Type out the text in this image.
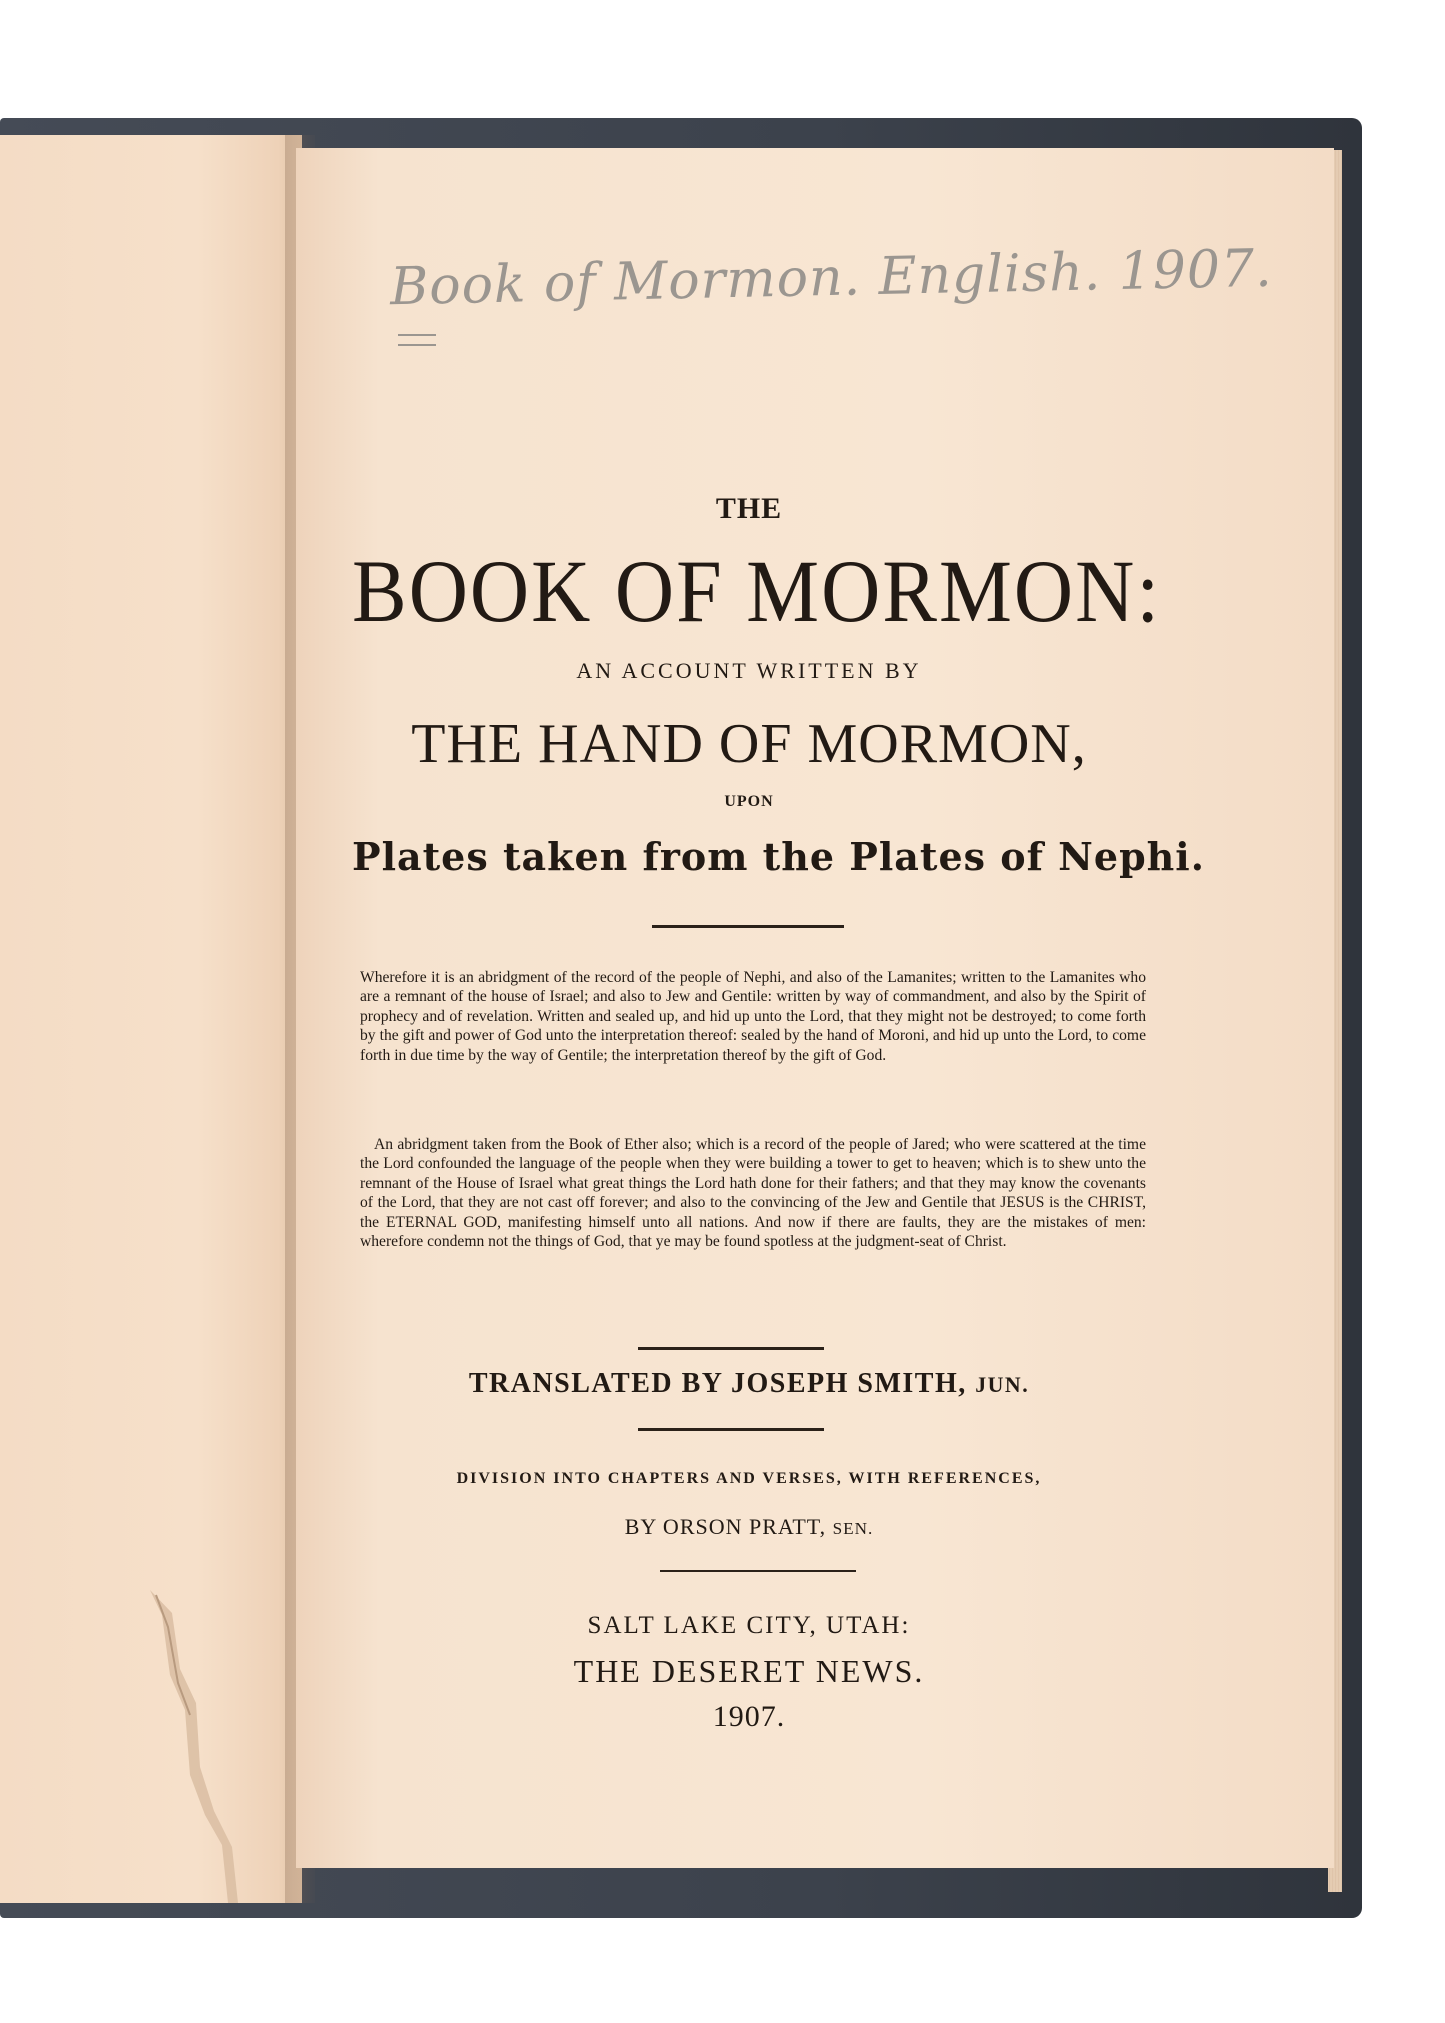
Book of Mormon. English. 1907.
THE
BOOK OF MORMON:
AN ACCOUNT WRITTEN BY
THE HAND OF MORMON,
UPON
Plates taken from the Plates of Nephi.
Wherefore it is an abridgment of the record of the people of Nephi, and also of the Lamanites; written to the Lamanites who are a remnant of the house of Israel; and also to Jew and Gentile: written by way of commandment, and also by the Spirit of prophecy and of revelation. Written and sealed up, and hid up unto the Lord, that they might not be destroyed; to come forth by the gift and power of God unto the interpretation thereof: sealed by the hand of Moroni, and hid up unto the Lord, to come forth in due time by the way of Gentile; the interpretation thereof by the gift of God.
An abridgment taken from the Book of Ether also; which is a record of the people of Jared; who were scattered at the time the Lord confounded the language of the people when they were building a tower to get to heaven; which is to shew unto the remnant of the House of Israel what great things the Lord hath done for their fathers; and that they may know the covenants of the Lord, that they are not cast off forever; and also to the convincing of the Jew and Gentile that JESUS is the CHRIST, the ETERNAL GOD, manifesting himself unto all nations. And now if there are faults, they are the mistakes of men: wherefore condemn not the things of God, that ye may be found spotless at the judgment-seat of Christ.
TRANSLATED BY JOSEPH SMITH, JUN.
DIVISION INTO CHAPTERS AND VERSES, WITH REFERENCES,
BY ORSON PRATT, SEN.
SALT LAKE CITY, UTAH:
THE DESERET NEWS.
1907.
